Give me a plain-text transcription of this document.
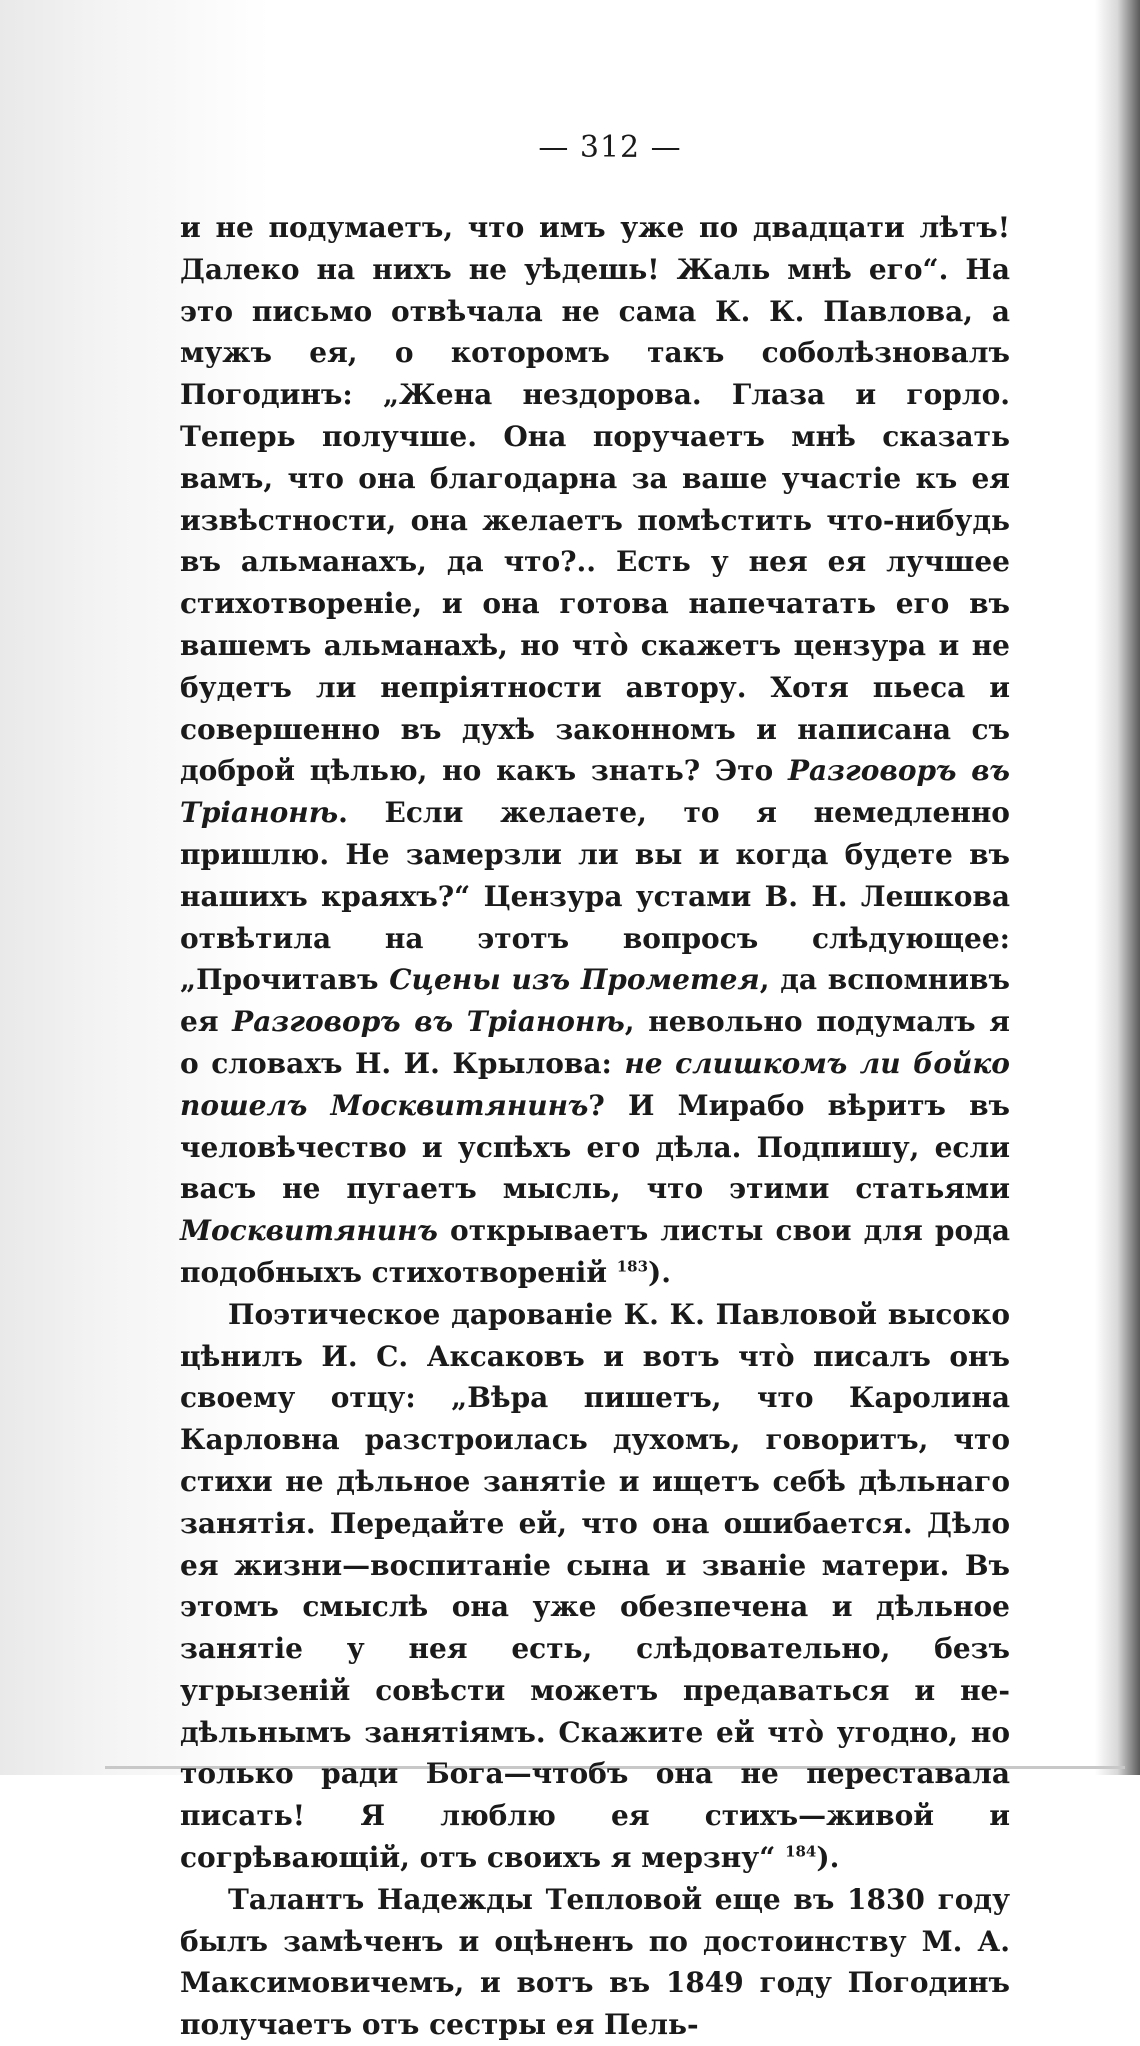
— 312 —

и не подумаетъ, что имъ уже по двадцати лѣтъ! Далеко на нихъ не уѣдешь! Жаль мнѣ его“. На это письмо отвѣчала не сама К. К. Павлова, а мужъ ея, о которомъ такъ соболѣзновалъ Погодинъ: „Жена нездорова. Глаза и горло. Теперь получше. Она поручаетъ мнѣ сказать вамъ, что она благодарна за ваше участіе къ ея извѣстности, она желаетъ помѣстить что-нибудь въ альманахъ, да что?.. Есть у нея ея лучшее стихотвореніе, и она готова напечатать его въ вашемъ альманахѣ, но что̀ скажетъ цензура и не будетъ ли непріятности автору. Хотя пьеса и совершенно въ духѣ законномъ и написана съ доброй цѣлью, но какъ знать? Это Разговоръ въ Тріанонѣ. Если желаете, то я немедленно пришлю. Не замерзли ли вы и когда будете въ нашихъ краяхъ?“ Цензура устами В. Н. Лешкова отвѣтила на этотъ вопросъ слѣдующее: „Прочитавъ Сцены изъ Прометея, да вспомнивъ ея Разговоръ въ Тріанонѣ, невольно подумалъ я о словахъ Н. И. Крылова: не слишкомъ ли бойко пошелъ Москвитянинъ? И Мирабо вѣритъ въ человѣчество и успѣхъ его дѣла. Подпишу, если васъ не пугаетъ мысль, что этими статьями Москвитянинъ открываетъ листы свои для рода подобныхъ стихотвореній $^{183}$).

Поэтическое дарованіе К. К. Павловой высоко цѣнилъ И. С. Аксаковъ и вотъ что̀ писалъ онъ своему отцу: „Вѣра пишетъ, что Каролина Карловна разстроилась духомъ, говоритъ, что стихи не дѣльное занятіе и ищетъ себѣ дѣльнаго занятія. Передайте ей, что она ошибается. Дѣло ея жизни—воспитаніе сына и званіе матери. Въ этомъ смыслѣ она уже обезпечена и дѣльное занятіе у нея есть, слѣдовательно, безъ угрызеній совѣсти можетъ предаваться и не-дѣльнымъ занятіямъ. Скажите ей что̀ угодно, но только ради Бога—чтобъ она не переставала писать! Я люблю ея стихъ—живой и согрѣвающій, отъ своихъ я мерзну“ $^{184}$).

Талантъ Надежды Тепловой еще въ 1830 году былъ замѣченъ и оцѣненъ по достоинству М. А. Максимовичемъ, и вотъ въ 1849 году Погодинъ получаетъ отъ сестры ея Пель-
